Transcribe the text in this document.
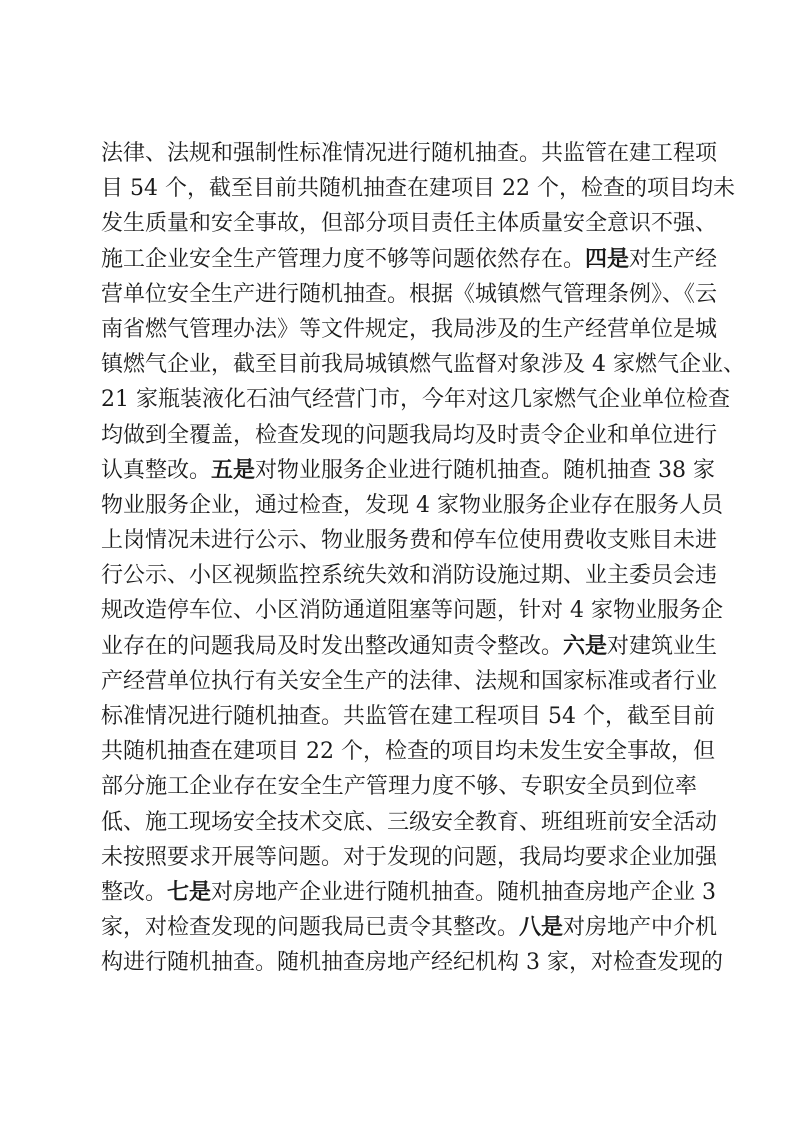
法律、法规和强制性标准情况进行随机抽查。共监管在建工程项
目 54 个，截至目前共随机抽查在建项目 22 个，检查的项目均未
发生质量和安全事故，但部分项目责任主体质量安全意识不强、
施工企业安全生产管理力度不够等问题依然存在。四是对生产经
营单位安全生产进行随机抽查。根据《城镇燃气管理条例》、《云
南省燃气管理办法》等文件规定，我局涉及的生产经营单位是城
镇燃气企业，截至目前我局城镇燃气监督对象涉及 4 家燃气企业、
21 家瓶装液化石油气经营门市，今年对这几家燃气企业单位检查
均做到全覆盖，检查发现的问题我局均及时责令企业和单位进行
认真整改。五是对物业服务企业进行随机抽查。随机抽查 38 家
物业服务企业，通过检查，发现 4 家物业服务企业存在服务人员
上岗情况未进行公示、物业服务费和停车位使用费收支账目未进
行公示、小区视频监控系统失效和消防设施过期、业主委员会违
规改造停车位、小区消防通道阻塞等问题，针对 4 家物业服务企
业存在的问题我局及时发出整改通知责令整改。六是对建筑业生
产经营单位执行有关安全生产的法律、法规和国家标准或者行业
标准情况进行随机抽查。共监管在建工程项目 54 个，截至目前
共随机抽查在建项目 22 个，检查的项目均未发生安全事故，但
部分施工企业存在安全生产管理力度不够、专职安全员到位率
低、施工现场安全技术交底、三级安全教育、班组班前安全活动
未按照要求开展等问题。对于发现的问题，我局均要求企业加强
整改。七是对房地产企业进行随机抽查。随机抽查房地产企业 3
家，对检查发现的问题我局已责令其整改。八是对房地产中介机
构进行随机抽查。随机抽查房地产经纪机构 3 家，对检查发现的
